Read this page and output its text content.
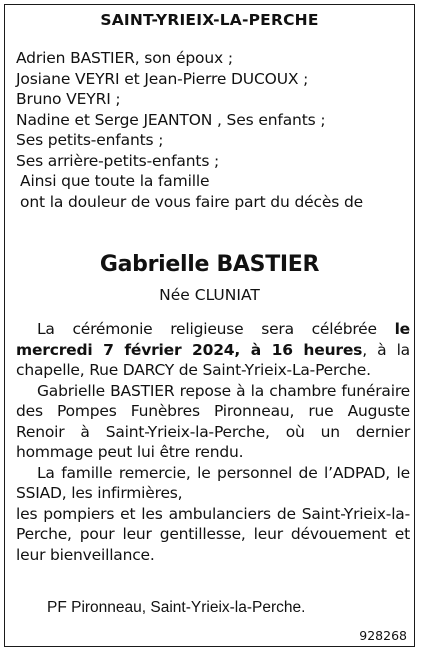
SAINT-YRIEIX-LA-PERCHE
Adrien BASTIER, son époux ;
Josiane VEYRI et Jean-Pierre DUCOUX ;
Bruno VEYRI ;
Nadine et Serge JEANTON , Ses enfants ;
Ses petits-enfants ;
Ses arrière-petits-enfants ;
Ainsi que toute la famille
ont la douleur de vous faire part du décès de
Gabrielle BASTIER
Née CLUNIAT

La cérémonie religieuse sera célébrée le mercredi 7 février 2024, à 16 heures, à la chapelle, Rue DARCY de Saint-Yrieix-La-Perche.

Gabrielle BASTIER repose à la chambre funéraire des Pompes Funèbres Pironneau, rue Auguste Renoir à Saint-Yrieix-la-Perche, où un dernier hommage peut lui être rendu.

La famille remercie, le personnel de l’ADPAD, le SSIAD, les infirmières,

les pompiers et les ambulanciers de Saint-Yrieix-la-Perche, pour leur gentillesse, leur dévouement et leur bienveillance.

PF Pironneau, Saint-Yrieix-la-Perche.
928268
